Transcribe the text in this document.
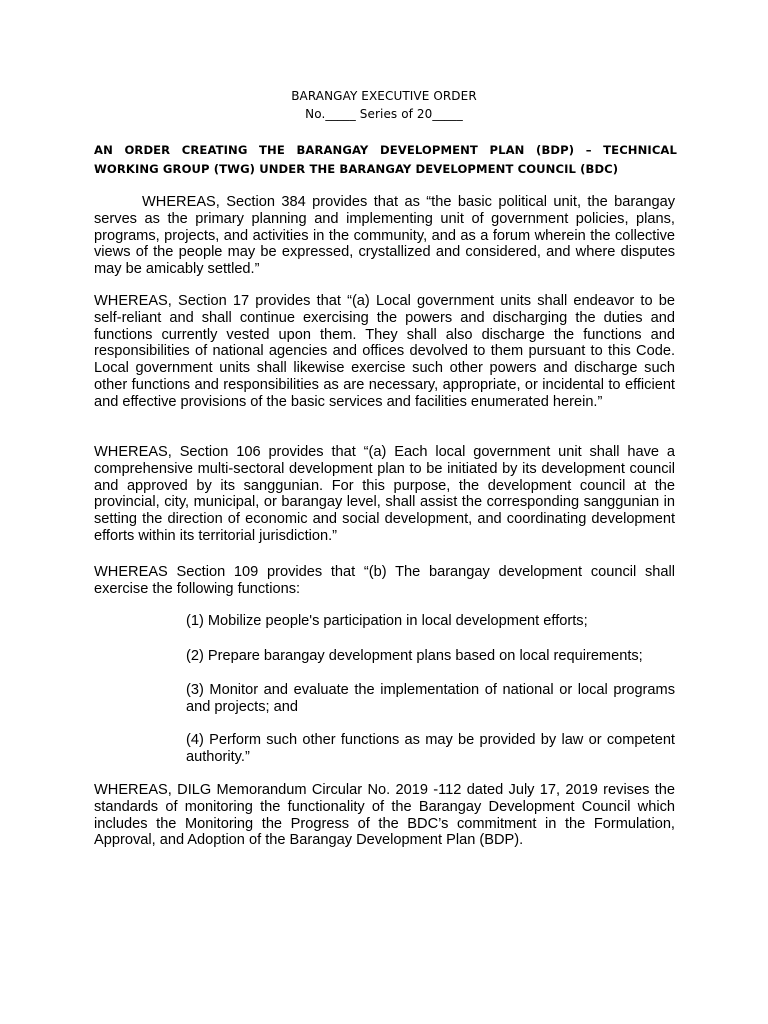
BARANGAY EXECUTIVE ORDER
No._____ Series of 20_____
AN ORDER CREATING THE BARANGAY DEVELOPMENT PLAN (BDP) – TECHNICAL WORKING GROUP (TWG) UNDER THE BARANGAY DEVELOPMENT COUNCIL (BDC)

WHEREAS, Section 384 provides that as “the basic political unit, the barangay serves as the primary planning and implementing unit of government policies, plans, programs, projects, and activities in the community, and as a forum wherein the collective views of the people may be expressed, crystallized and considered, and where disputes may be amicably settled.”

WHEREAS, Section 17 provides that “(a) Local government units shall endeavor to be self-reliant and shall continue exercising the powers and discharging the duties and functions currently vested upon them. They shall also discharge the functions and responsibilities of national agencies and offices devolved to them pursuant to this Code. Local government units shall likewise exercise such other powers and discharge such other functions and responsibilities as are necessary, appropriate, or incidental to efficient and effective provisions of the basic services and facilities enumerated herein.”

WHEREAS, Section 106 provides that “(a) Each local government unit shall have a comprehensive multi-sectoral development plan to be initiated by its development council and approved by its sanggunian. For this purpose, the development council at the provincial, city, municipal, or barangay level, shall assist the corresponding sanggunian in setting the direction of economic and social development, and coordinating development efforts within its territorial jurisdiction.”

WHEREAS Section 109 provides that “(b) The barangay development council shall exercise the following functions:

(1) Mobilize people's participation in local development efforts;

(2) Prepare barangay development plans based on local requirements;

(3) Monitor and evaluate the implementation of national or local programs and projects; and

(4) Perform such other functions as may be provided by law or competent authority.”

WHEREAS, DILG Memorandum Circular No. 2019 -112 dated July 17, 2019 revises the standards of monitoring the functionality of the Barangay Development Council which includes the Monitoring the Progress of the BDC’s commitment in the Formulation, Approval, and Adoption of the Barangay Development Plan (BDP).
